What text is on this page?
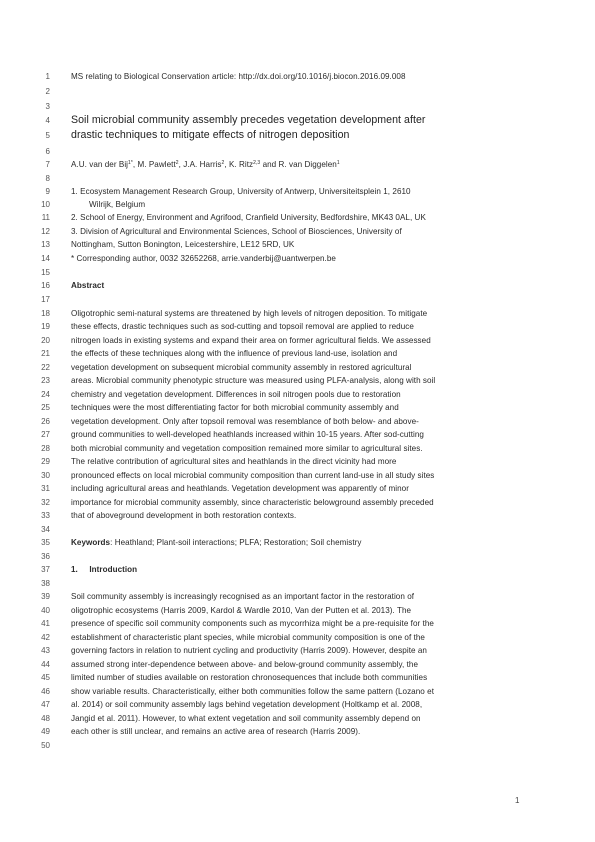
1	MS relating to Biological Conservation article: http://dx.doi.org/10.1016/j.biocon.2016.09.008
2
3
4 Soil microbial community assembly precedes vegetation development after
5 drastic techniques to mitigate effects of nitrogen deposition
6
7	A.U. van der Bij$^{1*}$, M. Pawlett$^2$, J.A. Harris$^2$, K. Ritz$^{2,3}$ and R. van Diggelen$^1$
8
9	1. Ecosystem Management Research Group, University of Antwerp, Universiteitsplein 1, 2610
10	Wilrijk, Belgium
11	2. School of Energy, Environment and Agrifood, Cranfield University, Bedfordshire, MK43 0AL, UK
12	3. Division of Agricultural and Environmental Sciences, School of Biosciences, University of
13	Nottingham, Sutton Bonington, Leicestershire, LE12 5RD, UK
14	* Corresponding author, 0032 32652268, arrie.vanderbij@uantwerpen.be
15
16	Abstract
17
18	Oligotrophic semi-natural systems are threatened by high levels of nitrogen deposition. To mitigate
19	these effects, drastic techniques such as sod-cutting and topsoil removal are applied to reduce
20	nitrogen loads in existing systems and expand their area on former agricultural fields. We assessed
21	the effects of these techniques along with the influence of previous land-use, isolation and
22	vegetation development on subsequent microbial community assembly in restored agricultural
23	areas. Microbial community phenotypic structure was measured using PLFA-analysis, along with soil
24	chemistry and vegetation development. Differences in soil nitrogen pools due to restoration
25	techniques were the most differentiating factor for both microbial community assembly and
26	vegetation development. Only after topsoil removal was resemblance of both below- and above-
27	ground communities to well-developed heathlands increased within 10-15 years. After sod-cutting
28	both microbial community and vegetation composition remained more similar to agricultural sites.
29	The relative contribution of agricultural sites and heathlands in the direct vicinity had more
30	pronounced effects on local microbial community composition than current land-use in all study sites
31	including agricultural areas and heathlands. Vegetation development was apparently of minor
32	importance for microbial community assembly, since characteristic belowground assembly preceded
33	that of aboveground development in both restoration contexts.
34
35	Keywords: Heathland; Plant-soil interactions; PLFA; Restoration; Soil chemistry
36
37	1.     Introduction
38
39	Soil community assembly is increasingly recognised as an important factor in the restoration of
40	oligotrophic ecosystems (Harris 2009, Kardol & Wardle 2010, Van der Putten et al. 2013). The
41	presence of specific soil community components such as mycorrhiza might be a pre-requisite for the
42	establishment of characteristic plant species, while microbial community composition is one of the
43	governing factors in relation to nutrient cycling and productivity (Harris 2009). However, despite an
44	assumed strong inter-dependence between above- and below-ground community assembly, the
45	limited number of studies available on restoration chronosequences that include both communities
46	show variable results. Characteristically, either both communities follow the same pattern (Lozano et
47	al. 2014) or soil community assembly lags behind vegetation development (Holtkamp et al. 2008,
48	Jangid et al. 2011). However, to what extent vegetation and soil community assembly depend on
49	each other is still unclear, and remains an active area of research (Harris 2009).
50
1
